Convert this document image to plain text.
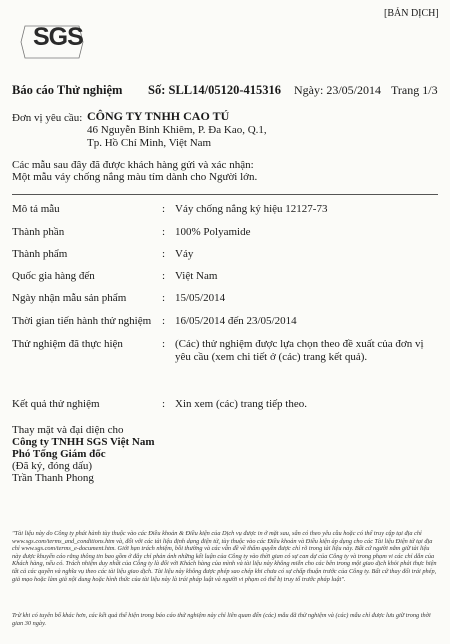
[BẢN DỊCH]
SGS
Báo cáo Thử nghiệm Số: SLL14/05120-415316 Ngày: 23/05/2014 Trang 1/3
Đơn vị yêu cầu: CÔNG TY TNHH CAO TÚ
46 Nguyễn Bỉnh Khiêm, P. Đa Kao, Q.1,
Tp. Hồ Chí Minh, Việt Nam
Các mẫu sau đây đã được khách hàng gửi và xác nhận:
Một mẫu váy chống nắng màu tím dành cho Người lớn.
Mô tả mẫu	: Váy chống nắng ký hiệu 12127-73
Thành phần	: 100% Polyamide
Thành phẩm	: Váy
Quốc gia hàng đến	: Việt Nam
Ngày nhận mẫu sản phẩm	: 15/05/2014
Thời gian tiến hành thử nghiệm : 16/05/2014 đến 23/05/2014
Thử nghiệm đã thực hiện	: (Các) thử nghiệm được lựa chọn theo đề xuất của đơn vị yêu cầu (xem chi tiết ở (các) trang kết quả).
Kết quả thử nghiệm	: Xin xem (các) trang tiếp theo.
Thay mặt và đại diện cho
Công ty TNHH SGS Việt Nam
Phó Tổng Giám đốc
(Đã ký, đóng dấu)
Trần Thanh Phong
"Tài liệu này do Công ty phát hành tùy thuộc vào các Điều khoản & Điều kiện của Dịch vụ được in ở mặt sau, sẵn có theo yêu cầu hoặc có thể truy cập tại địa chỉ www.sgs.com/terms_and_conditions.htm và, đối với các tài liệu định dạng điện tử, tùy thuộc vào các Điều khoản và Điều kiện áp dụng cho các Tài liệu Điện tử tại địa chỉ www.sgs.com/terms_e-document.htm. Giới hạn trách nhiệm, bồi thường và các vấn đề về thẩm quyền được chỉ rõ trong tài liệu này. Bất cứ người nắm giữ tài liệu này được khuyến cáo rằng thông tin bao gồm ở đây chỉ phản ánh những kết luận của Công ty vào thời gian có sự can dự của Công ty và trong phạm vi các chỉ dẫn của Khách hàng, nếu có. Trách nhiệm duy nhất của Công ty là đối với Khách hàng của mình và tài liệu này không miễn cho các bên trong một giao dịch khỏi phải thực hiện tất cả các quyền và nghĩa vụ theo các tài liệu giao dịch. Tài liệu này không được phép sao chép khi chưa có sự chấp thuận trước của Công ty. Bất cứ thay đổi trái phép, giả mạo hoặc làm giả nội dung hoặc hình thức của tài liệu này là trái pháp luật và người vi phạm có thể bị truy tố trước pháp luật".
Trừ khi có tuyên bố khác hơn, các kết quả thể hiện trong báo cáo thử nghiệm này chỉ liên quan đến (các) mẫu đã thử nghiệm và (các) mẫu chỉ được lưu giữ trong thời gian 30 ngày.
